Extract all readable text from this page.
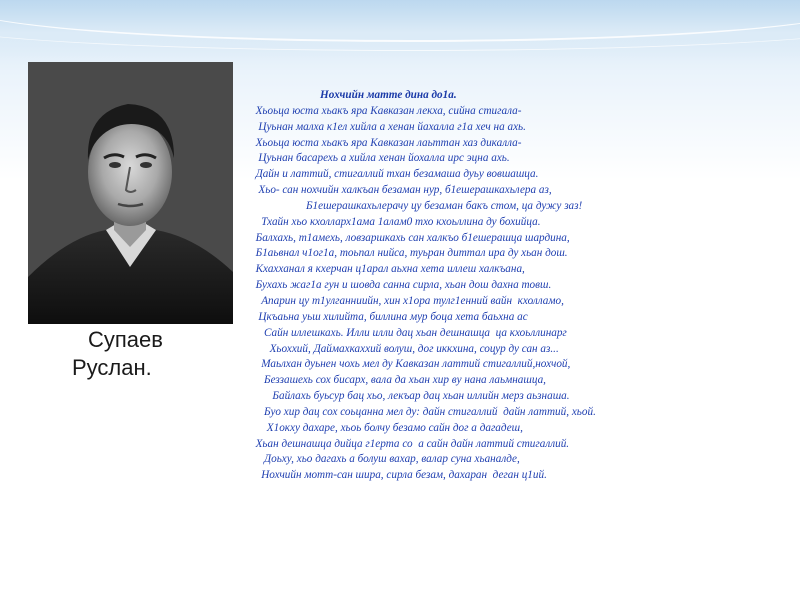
Супаев
Руслан.
Нохчийн матте дина до1а.
Хьоьца юста хьакъ яра Кавказан лекха, сийна стигала-
Цуьнан малха к1ел хийла а хенан йахалла г1а хеч на ахь.
Хьоьца юста хьакъ яра Кавказан лаьттан хаз дикалла-
Цуьнан басарехь а хийла хенан йохалла ирс эцна ахь.
Дайн и латтий, стигаллий тхан безамаша дуьу вовшашца.
Хьо- сан нохчийн халкъан безаман нур, б1ешерашкахьлера аз,
Б1ешерашкахьлерачу цу безаман бакъ стом, ца дужу заз!
Тхайн хьо кхолларх1ама 1алам0 тхо кхоьллина ду бохийца.
Балхахь, т1амехь, ловзаршкахь сан халкъо б1ешерашца шардина,
Б1аьвнал ч1ог1а, тоьпал нийса, туьран диттал ира ду хьан дош.
Кхахханал я кхерчан ц1арал аьхна хета иллеш халкъана,
Бухахь жаг1а гун и шовда санна сирла, хьан дош дахна товш.
Апарин цу т1улганниийн, хин х1ора тулг1енний вайн  кхолламо,
Цкъаьна уьш хилийта, биллина мур боца хета баьхна ас
Сайн иллешкахь. Илли илли дац хьан дешнашца  ца кхоьллинарг
Хьоххий, Даймахкаххий волуш, дог иккхина, соцур ду сан аз...
Маьлхан дуьнен чохь мел ду Кавказан латтий стигаллий,нохчой,
Беззашехь сох бисарх, вала да хьан хир ву нана лаьмнашца,
Байлахь буьсур бац хьо, лекъар дац хьан иллийн мерз аьзнаша.
Буо хир дац сох соьцанна мел ду: дайн стигаллий  дайн латтий, хьой.
Х1окху дахаре, хьоь болчу безамо сайн дог а дагадеш,
Хьан дешнашца дийца г1ерта со  а сайн дайн латтий стигаллий.
Доьху, хьо дагахь а болуш вахар, валар суна хьаналде,
Нохчийн мотт-сан шира, сирла безам, дахаран  деган ц1ий.
